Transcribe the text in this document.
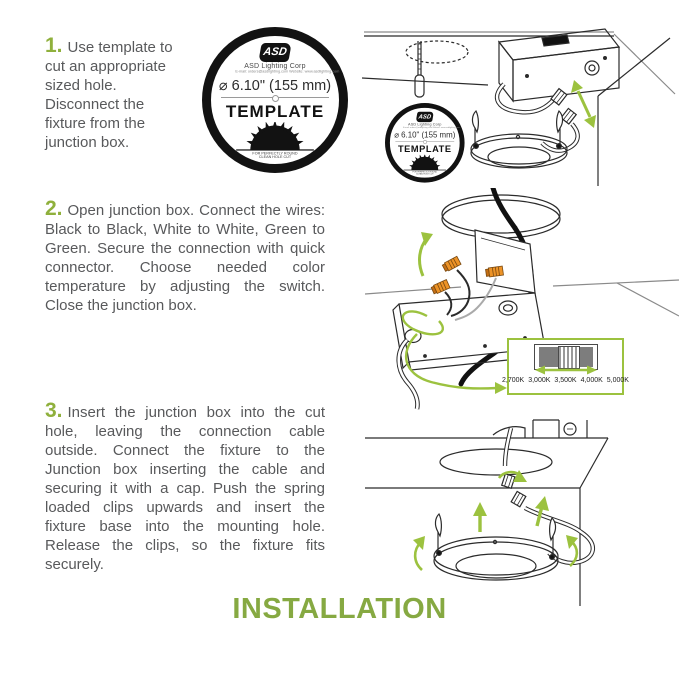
1. Use template to cut an appropriate sized hole. Disconnect the fixture from the junction box.
2. Open junction box. Connect the wires: Black to Black, White to White, Green to Green. Secure the connection with quick connector. Choose needed color temperature by adjusting the switch. Close the junction box.
3. Insert the junction box into the cut hole, leaving the connection cable outside. Connect the fixture to the Junction box inserting the cable and securing it with a cap. Push the spring loaded clips upwards and insert the fixture base into the mounting hole. Release the clips, so the fixture fits securely.
ASD
ASD Lighting Corp
E-mail: orders@asdlighting.com Website: www.asdlighting.com
⌀ 6.10" (155 mm)
TEMPLATE
FOR PERFECTLY ROUND
CLEAN HOLE CUT
ASD
ASD Lighting Corp
E-mail: orders@asdlighting.com Website: www.asdlighting.com
⌀ 6.10" (155 mm)
TEMPLATE
FOR PERFECTLY ROUND
CLEAN HOLE CUT
2,700K 3,000K 3,500K 4,000K 5,000K
INSTALLATION
